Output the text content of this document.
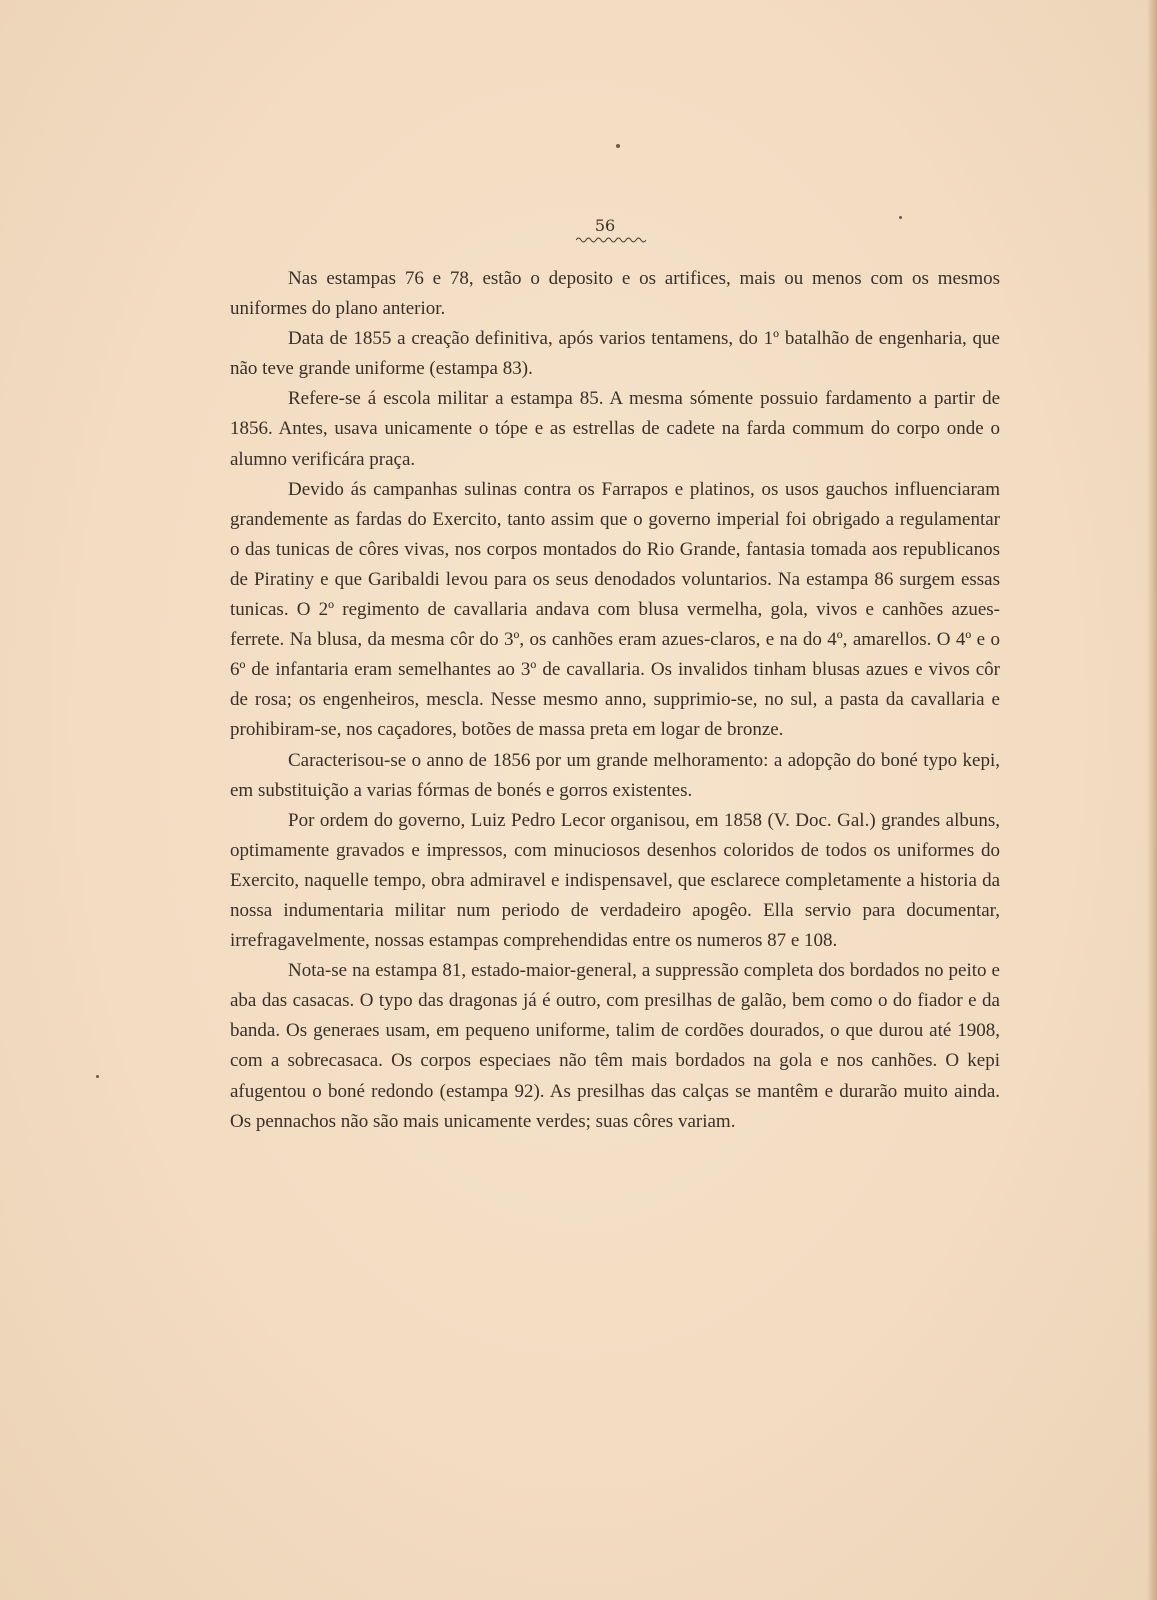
56

Nas estampas 76 e 78, estão o deposito e os artifices, mais ou menos com os mesmos uniformes do plano anterior.

Data de 1855 a creação definitiva, após varios tentamens, do 1º batalhão de engenharia, que não teve grande uniforme (estampa 83).

Refere-se á escola militar a estampa 85. A mesma sómente possuio fardamento a partir de 1856. Antes, usava unicamente o tópe e as estrellas de cadete na farda commum do corpo onde o alumno verificára praça.

Devido ás campanhas sulinas contra os Farrapos e platinos, os usos gauchos influenciaram grandemente as fardas do Exercito, tanto assim que o governo imperial foi obrigado a regulamentar o das tunicas de côres vivas, nos corpos montados do Rio Grande, fantasia tomada aos republicanos de Piratiny e que Garibaldi levou para os seus denodados voluntarios. Na estampa 86 surgem essas tunicas. O 2º regimento de cavallaria andava com blusa vermelha, gola, vivos e canhões azues-ferrete. Na blusa, da mesma côr do 3º, os canhões eram azues-claros, e na do 4º, amarellos. O 4º e o 6º de infantaria eram semelhantes ao 3º de cavallaria. Os invalidos tinham blusas azues e vivos côr de rosa; os engenheiros, mescla. Nesse mesmo anno, supprimio-se, no sul, a pasta da cavallaria e prohibiram-se, nos caçadores, botões de massa preta em logar de bronze.

Caracterisou-se o anno de 1856 por um grande melhoramento: a adopção do boné typo kepi, em substituição a varias fórmas de bonés e gorros existentes.

Por ordem do governo, Luiz Pedro Lecor organisou, em 1858 (V. Doc. Gal.) grandes albuns, optimamente gravados e impressos, com minuciosos desenhos coloridos de todos os uniformes do Exercito, naquelle tempo, obra admiravel e indispensavel, que esclarece completamente a historia da nossa indumentaria militar num periodo de verdadeiro apogêo. Ella servio para documentar, irrefragavelmente, nossas estampas comprehendidas entre os numeros 87 e 108.

Nota-se na estampa 81, estado-maior-general, a suppressão completa dos bordados no peito e aba das casacas. O typo das dragonas já é outro, com presilhas de galão, bem como o do fiador e da banda. Os generaes usam, em pequeno uniforme, talim de cordões dourados, o que durou até 1908, com a sobrecasaca. Os corpos especiaes não têm mais bordados na gola e nos canhões. O kepi afugentou o boné redondo (estampa 92). As presilhas das calças se mantêm e durarão muito ainda. Os pennachos não são mais unicamente verdes; suas côres variam.
